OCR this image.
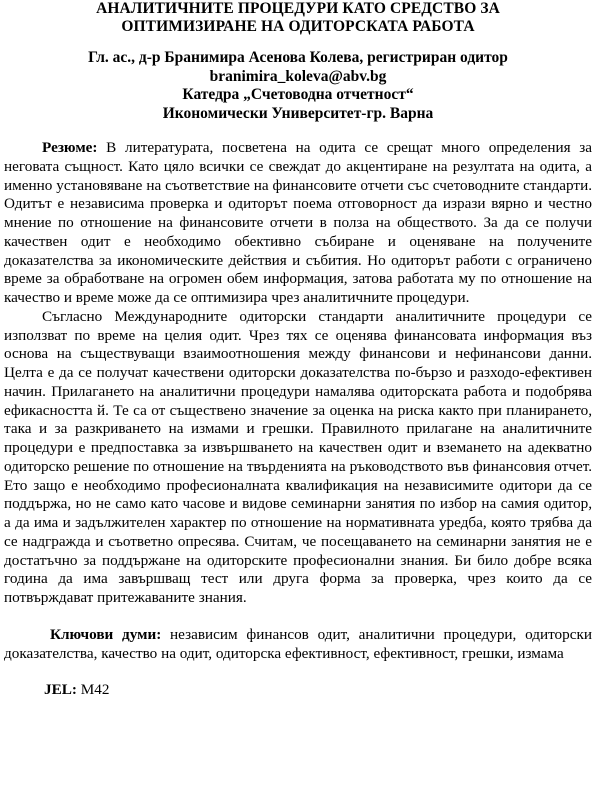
АНАЛИТИЧНИТЕ ПРОЦЕДУРИ КАТО СРЕДСТВО ЗА
ОПТИМИЗИРАНЕ НА ОДИТОРСКАТА РАБОТА
Гл. ас., д-р Бранимира Асенова Колева, регистриран одитор
branimira_koleva@abv.bg
Катедра „Счетоводна отчетност“
Икономически Университет-гр. Варна

Резюме: В литературата, посветена на одита се срещат много определения за неговата същност. Като цяло всички се свеждат до акцентиране на резултата на одита, а именно установяване на съответствие на финансовите отчети със счетоводните стандарти. Одитът е независима проверка и одиторът поема отговорност да изрази вярно и честно мнение по отношение на финансовите отчети в полза на обществото. За да се получи качествен одит е необходимо обективно събиране и оценяване на получените доказателства за икономическите действия и събития. Но одиторът работи с ограничено време за обработване на огромен обем информация, затова работата му по отношение на качество и време може да се оптимизира чрез аналитичните процедури.

Съгласно Международните одиторски стандарти аналитичните процедури се използват по време на целия одит. Чрез тях се оценява финансовата информация въз основа на съществуващи взаимоотношения между финансови и нефинансови данни. Целта е да се получат качествени одиторски доказателства по-бързо и разходо-ефективен начин. Прилагането на аналитични процедури намалява одиторската работа и подобрява ефикасността й. Те са от съществено значение за оценка на риска както при планирането, така и за разкриването на измами и грешки. Правилното прилагане на аналитичните процедури е предпоставка за извършването на качествен одит и вземането на адекватно одиторско решение по отношение на твърденията на ръководството във финансовия отчет. Ето защо е необходимо професионалната квалификация на независимите одитори да се поддържа, но не само като часове и видове семинарни занятия по избор на самия одитор, а да има и задължителен характер по отношение на нормативната уредба, която трябва да се надгражда и съответно опресява. Считам, че посещаването на семинарни занятия не е достатъчно за поддържане на одиторските професионални знания. Би било добре всяка година да има завършващ тест или друга форма за проверка, чрез които да се потвърждават притежаваните знания.

Ключови думи: независим финансов одит, аналитични процедури, одиторски доказателства, качество на одит, одиторска ефективност, ефективност, грешки, измама
JEL: M42
